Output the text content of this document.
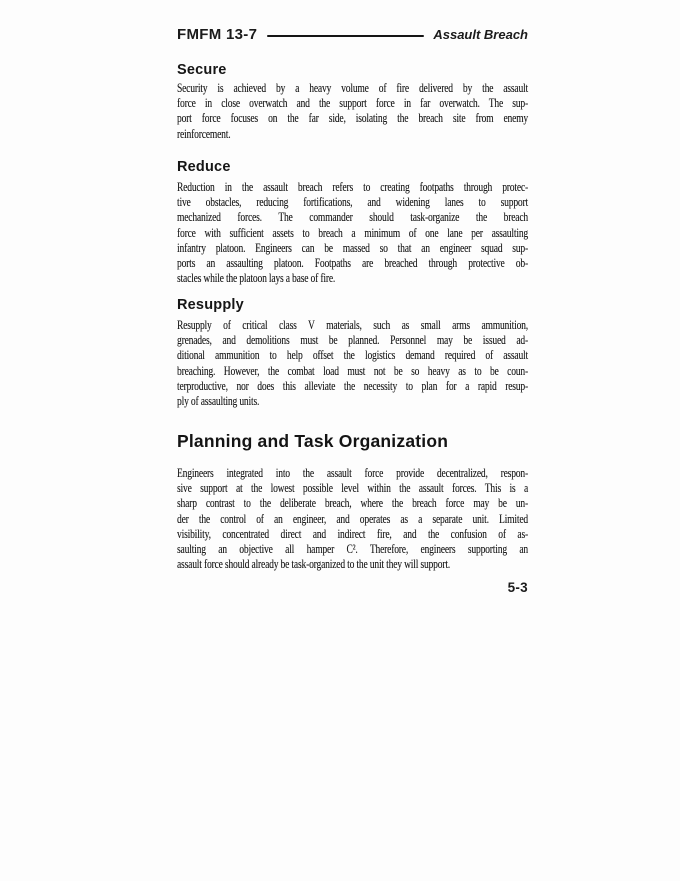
FMFM 13-7	Assault Breach
Secure
Security is achieved by a heavy volume of fire delivered by the assault
force in close overwatch and the support force in far overwatch. The sup-
port force focuses on the far side, isolating the breach site from enemy
reinforcement.
Reduce
Reduction in the assault breach refers to creating footpaths through protec-
tive obstacles, reducing fortifications, and widening lanes to support
mechanized forces. The commander should task-organize the breach
force with sufficient assets to breach a minimum of one lane per assaulting
infantry platoon. Engineers can be massed so that an engineer squad sup-
ports an assaulting platoon. Footpaths are breached through protective ob-
stacles while the platoon lays a base of fire.
Resupply
Resupply of critical class V materials, such as small arms ammunition,
grenades, and demolitions must be planned. Personnel may be issued ad-
ditional ammunition to help offset the logistics demand required of assault
breaching. However, the combat load must not be so heavy as to be coun-
terproductive, nor does this alleviate the necessity to plan for a rapid resup-
ply of assaulting units.
Planning and Task Organization
Engineers integrated into the assault force provide decentralized, respon-
sive support at the lowest possible level within the assault forces. This is a
sharp contrast to the deliberate breach, where the breach force may be un-
der the control of an engineer, and operates as a separate unit. Limited
visibility, concentrated direct and indirect fire, and the confusion of as-
saulting an objective all hamper C². Therefore, engineers supporting an
assault force should already be task-organized to the unit they will support.
5-3
